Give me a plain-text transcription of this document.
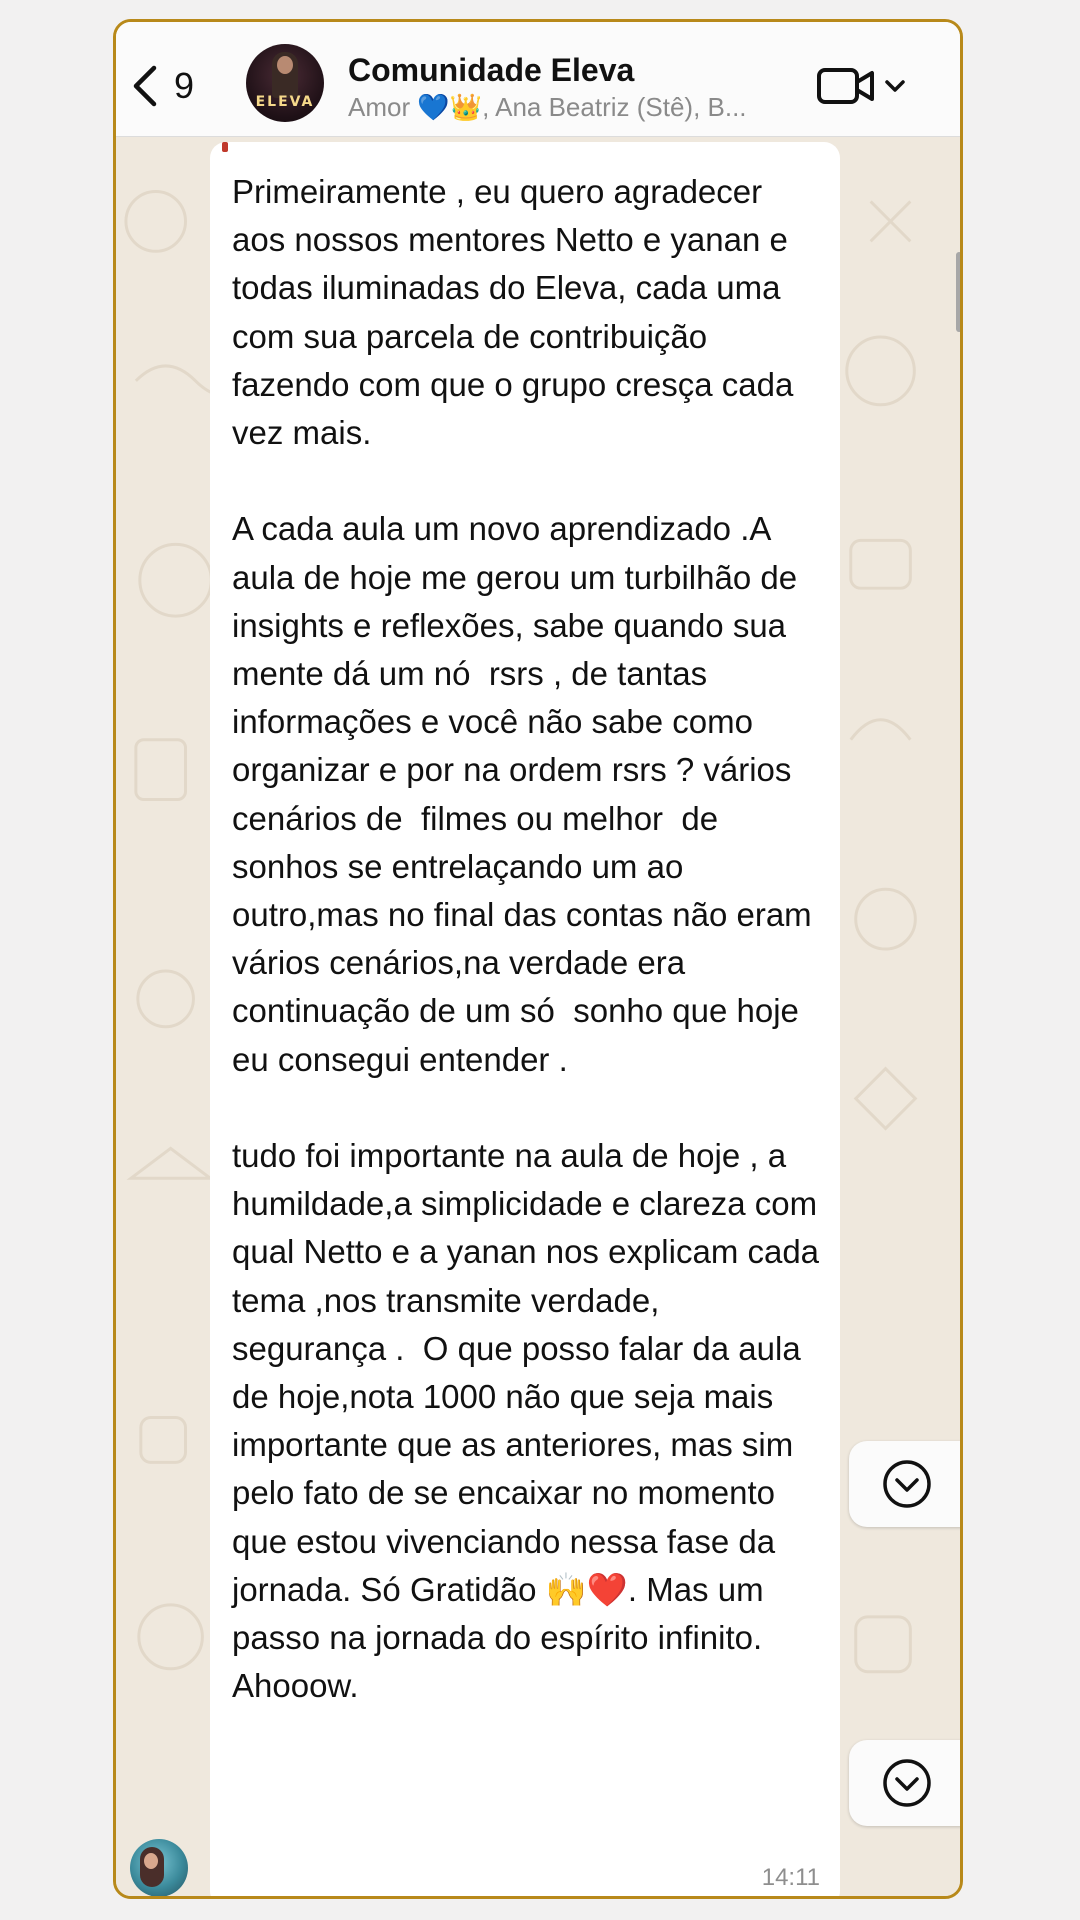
9	ELEVA
Comunidade Eleva
Amor 💙👑, Ana Beatriz (Stê), B...
Primeiramente , eu quero agradecer aos nossos mentores Netto e yanan e todas iluminadas do Eleva, cada uma com sua parcela de contribuição fazendo com que o grupo cresça cada vez mais.

A cada aula um novo aprendizado .A aula de hoje me gerou um turbilhão de insights e reflexões, sabe quando sua mente dá um nó  rsrs , de tantas informações e você não sabe como organizar e por na ordem rsrs ? vários cenários de  filmes ou melhor  de sonhos se entrelaçando um ao outro,mas no final das contas não eram  vários cenários,na verdade era continuação de um só  sonho que hoje eu consegui entender .

tudo foi importante na aula de hoje , a humildade,a simplicidade e clareza com qual Netto e a yanan nos explicam cada tema ,nos transmite verdade, segurança .  O que posso falar da aula de hoje,nota 1000 não que seja mais importante que as anteriores, mas sim pelo fato de se encaixar no momento que estou vivenciando nessa fase da jornada. Só Gratidão 🙌❤️. Mas um passo na jornada do espírito infinito. Ahooow.
14:11
